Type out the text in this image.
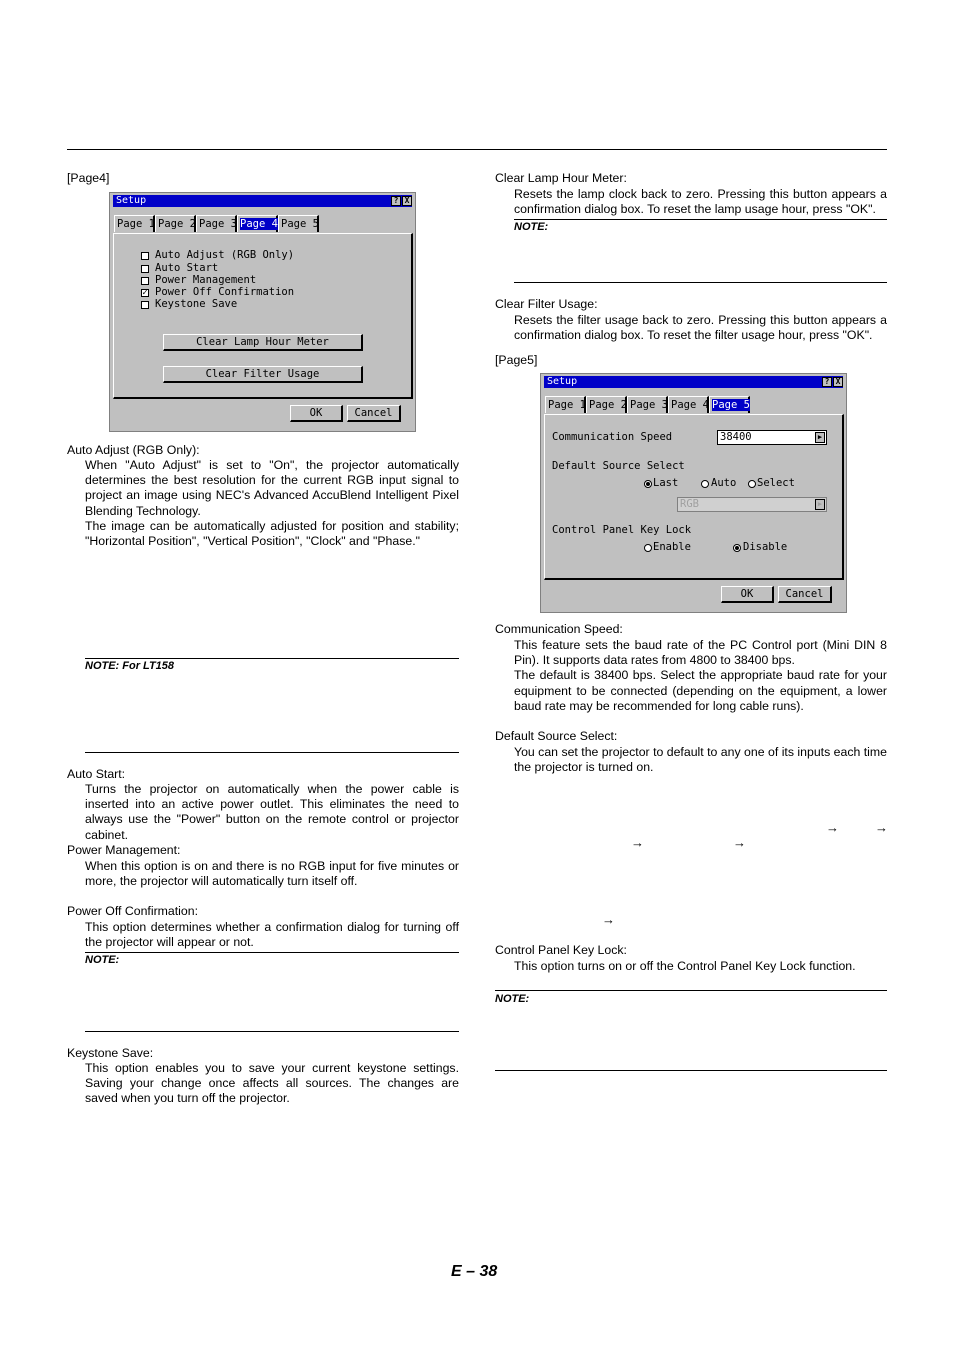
[Page4]
Setup	? X
Page 1 Page 2 Page 3 Page 4 Page 5
Auto Adjust (RGB Only)
Auto Start
Power Management
✓ Power Off Confirmation
Keystone Save
Clear Lamp Hour Meter
Clear Filter Usage
OK	Cancel
Auto Adjust (RGB Only):

When "Auto Adjust" is set to "On", the projector automatically determines the best resolution for the current RGB input signal to project an image using NEC's Advanced AccuBlend Intelligent Pixel Blending Technology.

The image can be automatically adjusted for position and stability; "Horizontal Position", "Vertical Position", "Clock" and "Phase."

NOTE: For LT158
Auto Start:

Turns the projector on automatically when the power cable is inserted into an active power outlet. This eliminates the need to always use the "Power" button on the remote control or projector cabinet.

Power Management:

When this option is on and there is no RGB input for five minutes or more, the projector will automatically turn itself off.

Power Off Confirmation:

This option determines whether a confirmation dialog for turning off the projector will appear or not.

NOTE:
Keystone Save:

This option enables you to save your current keystone settings. Saving your change once affects all sources. The changes are saved when you turn off the projector.

Clear Lamp Hour Meter:

Resets the lamp clock back to zero. Pressing this button appears a confirmation dialog box. To reset the lamp usage hour, press "OK".

NOTE:
Clear Filter Usage:

Resets the filter usage back to zero. Pressing this button appears a confirmation dialog box. To reset the filter usage hour, press "OK".

[Page5]
Setup	? X
Page 1 Page 2 Page 3 Page 4 Page 5
Communication Speed	38400	▶
Default Source Select
Last	Auto Select
RGB	▶
Control Panel Key Lock
Enable	Disable
OK	Cancel
Communication Speed:

This feature sets the baud rate of the PC Control port (Mini DIN 8 Pin). It supports data rates from 4800 to 38400 bps.

The default is 38400 bps. Select the appropriate baud rate for your equipment to be connected (depending on the equipment, a lower baud rate may be recommended for long cable runs).

Default Source Select:

You can set the projector to default to any one of its inputs each time the projector is turned on.

→	→
→	→
→
Control Panel Key Lock:

This option turns on or off the Control Panel Key Lock function.

NOTE:
E – 38
